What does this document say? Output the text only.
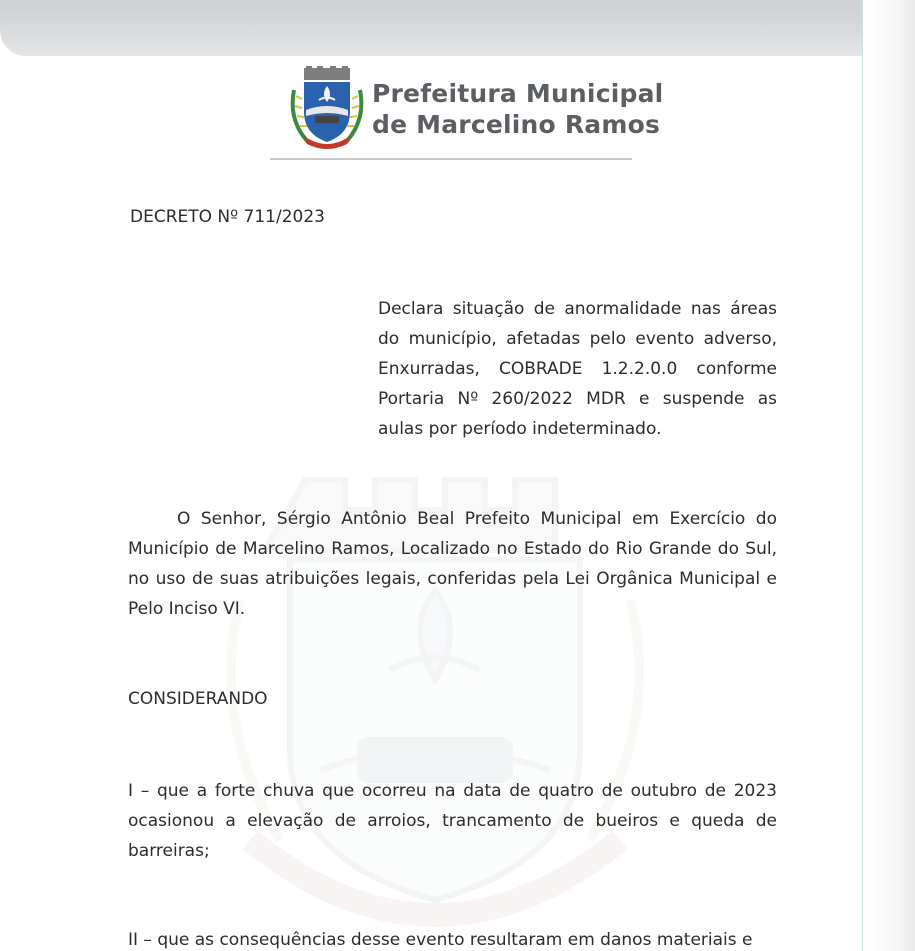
Prefeitura Municipal
de Marcelino Ramos
DECRETO Nº 711/2023
Declara situação de anormalidade nas áreas do município, afetadas pelo evento adverso, Enxurradas, COBRADE 1.2.2.0.0 conforme Portaria Nº 260/2022 MDR e suspende as aulas por período indeterminado.
O Senhor, Sérgio Antônio Beal Prefeito Municipal em Exercício do Município de Marcelino Ramos, Localizado no Estado do Rio Grande do Sul, no uso de suas atribuições legais, conferidas pela Lei Orgânica Municipal e Pelo Inciso VI.
CONSIDERANDO
I – que a forte chuva que ocorreu na data de quatro de outubro de 2023 ocasionou a elevação de arroios, trancamento de bueiros e queda de barreiras;
II – que as consequências desse evento resultaram em danos materiais e
